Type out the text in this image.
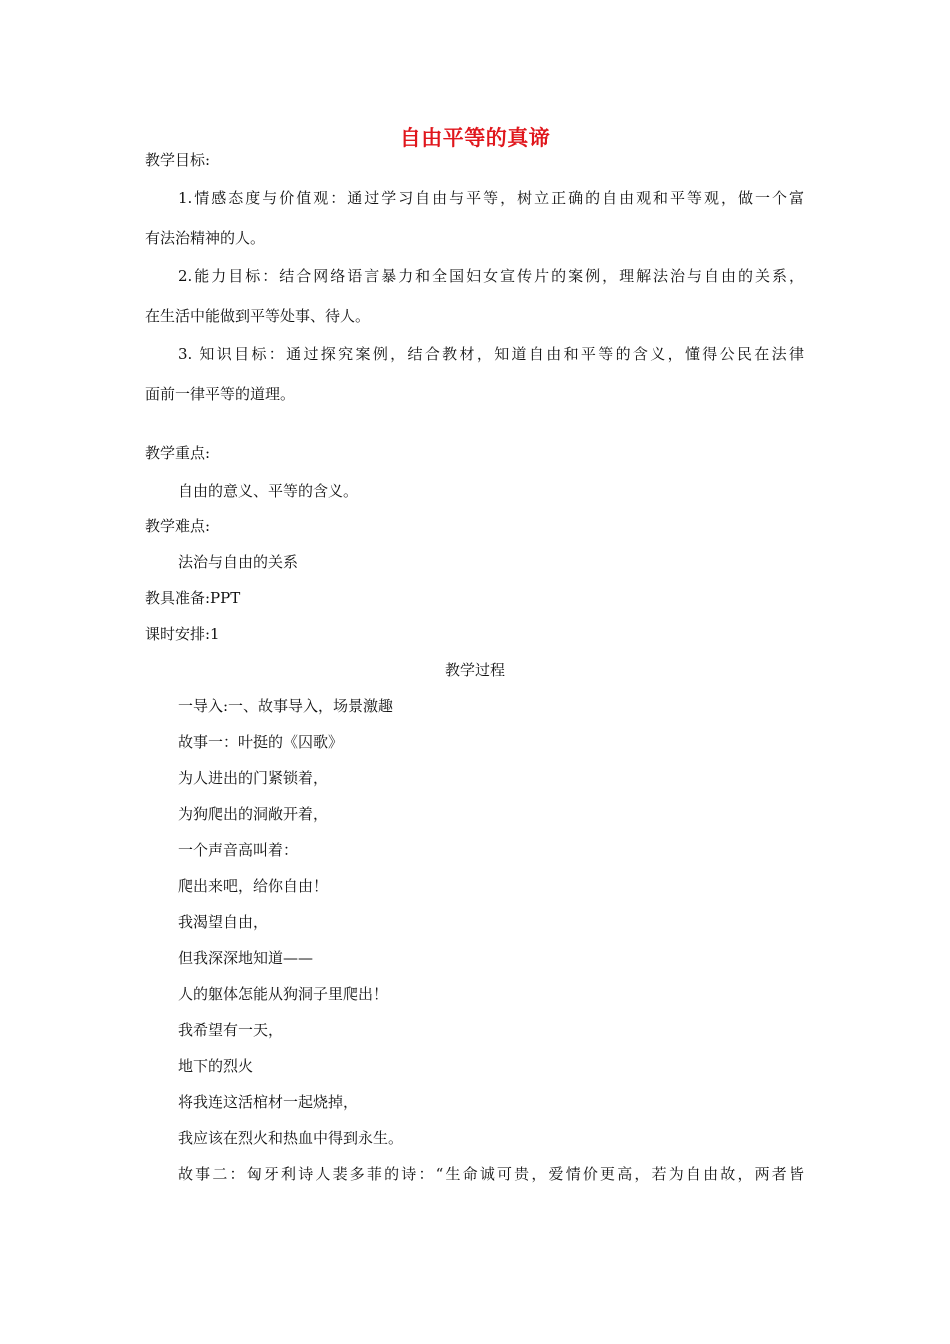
自由平等的真谛
教学目标:
1.情感态度与价值观：通过学习自由与平等，树立正确的自由观和平等观，做一个富
有法治精神的人。
2.能力目标：结合网络语言暴力和全国妇女宣传片的案例，理解法治与自由的关系，
在生活中能做到平等处事、待人。
3. 知识目标：通过探究案例，结合教材，知道自由和平等的含义，懂得公民在法律
面前一律平等的道理。
教学重点:
自由的意义、平等的含义。
教学难点:
法治与自由的关系
教具准备:PPT
课时安排:1
教学过程
一导入:一、故事导入，场景激趣
故事一：叶挺的《囚歌》
为人进出的门紧锁着，
为狗爬出的洞敞开着，
一个声音高叫着：
爬出来吧，给你自由！
我渴望自由，
但我深深地知道——
人的躯体怎能从狗洞子里爬出！
我希望有一天，
地下的烈火
将我连这活棺材一起烧掉，
我应该在烈火和热血中得到永生。
故事二：匈牙利诗人裴多菲的诗：“生命诚可贵，爱情价更高，若为自由故，两者皆
